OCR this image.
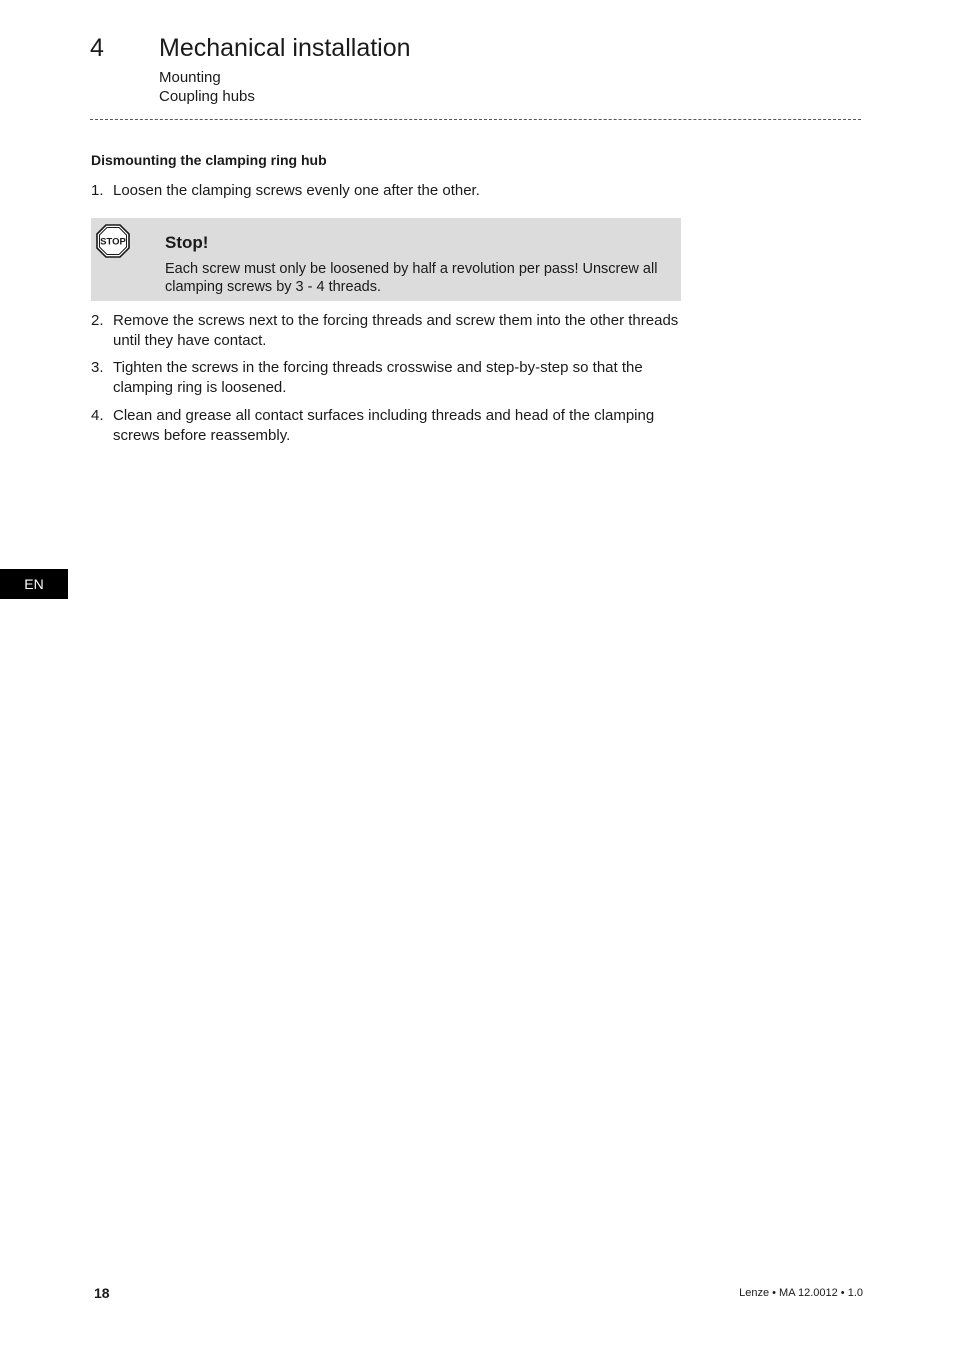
4 Mechanical installation
Mounting
Coupling hubs
Dismounting the clamping ring hub
1. Loosen the clamping screws evenly one after the other.
STOP Stop!
Each screw must only be loosened by half a revolution per pass! Unscrew all clamping screws by 3 - 4 threads.
2. Remove the screws next to the forcing threads and screw them into the other threads until they have contact.
3. Tighten the screws in the forcing threads crosswise and step-by-step so that the clamping ring is loosened.
4. Clean and grease all contact surfaces including threads and head of the clamping screws before reassembly.
EN
18	Lenze • MA 12.0012 • 1.0
